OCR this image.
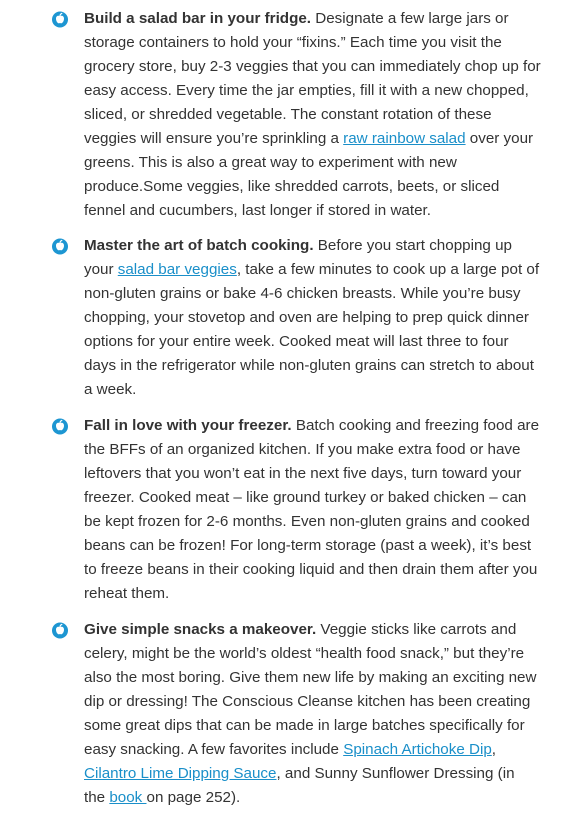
Build a salad bar in your fridge. Designate a few large jars or
storage containers to hold your “fixins.” Each time you visit the
grocery store, buy 2-3 veggies that you can immediately chop up for
easy access. Every time the jar empties, fill it with a new chopped,
sliced, or shredded vegetable. The constant rotation of these
veggies will ensure you’re sprinkling a raw rainbow salad over your
greens. This is also a great way to experiment with new
produce.Some veggies, like shredded carrots, beets, or sliced
fennel and cucumbers, last longer if stored in water.
Master the art of batch cooking. Before you start chopping up
your salad bar veggies, take a few minutes to cook up a large pot of
non-gluten grains or bake 4-6 chicken breasts. While you’re busy
chopping, your stovetop and oven are helping to prep quick dinner
options for your entire week. Cooked meat will last three to four
days in the refrigerator while non-gluten grains can stretch to about
a week.
Fall in love with your freezer. Batch cooking and freezing food are
the BFFs of an organized kitchen. If you make extra food or have
leftovers that you won’t eat in the next five days, turn toward your
freezer. Cooked meat – like ground turkey or baked chicken – can
be kept frozen for 2-6 months. Even non-gluten grains and cooked
beans can be frozen! For long-term storage (past a week), it’s best
to freeze beans in their cooking liquid and then drain them after you
reheat them.
Give simple snacks a makeover. Veggie sticks like carrots and
celery, might be the world’s oldest “health food snack,” but they’re
also the most boring. Give them new life by making an exciting new
dip or dressing! The Conscious Cleanse kitchen has been creating
some great dips that can be made in large batches specifically for
easy snacking. A few favorites include Spinach Artichoke Dip,
Cilantro Lime Dipping Sauce, and Sunny Sunflower Dressing (in
the book on page 252).
